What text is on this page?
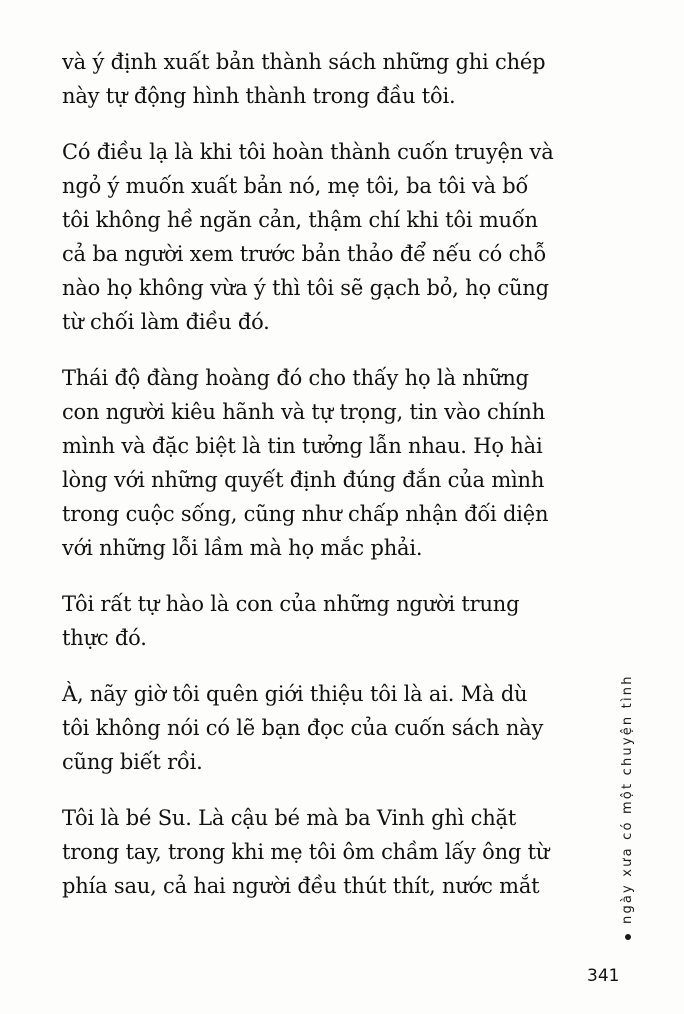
và ý định xuất bản thành sách những ghi chép
này tự động hình thành trong đầu tôi.
Có điều lạ là khi tôi hoàn thành cuốn truyện và
ngỏ ý muốn xuất bản nó, mẹ tôi, ba tôi và bố
tôi không hề ngăn cản, thậm chí khi tôi muốn
cả ba người xem trước bản thảo để nếu có chỗ
nào họ không vừa ý thì tôi sẽ gạch bỏ, họ cũng
từ chối làm điều đó.
Thái độ đàng hoàng đó cho thấy họ là những
con người kiêu hãnh và tự trọng, tin vào chính
mình và đặc biệt là tin tưởng lẫn nhau. Họ hài
lòng với những quyết định đúng đắn của mình
trong cuộc sống, cũng như chấp nhận đối diện
với những lỗi lầm mà họ mắc phải.
Tôi rất tự hào là con của những người trung
thực đó.
À, nãy giờ tôi quên giới thiệu tôi là ai. Mà dù
tôi không nói có lẽ bạn đọc của cuốn sách này
cũng biết rồi.
Tôi là bé Su. Là cậu bé mà ba Vinh ghì chặt
trong tay, trong khi mẹ tôi ôm chầm lấy ông từ
phía sau, cả hai người đều thút thít, nước mắt	ngày xưa có một chuyện tình
341
